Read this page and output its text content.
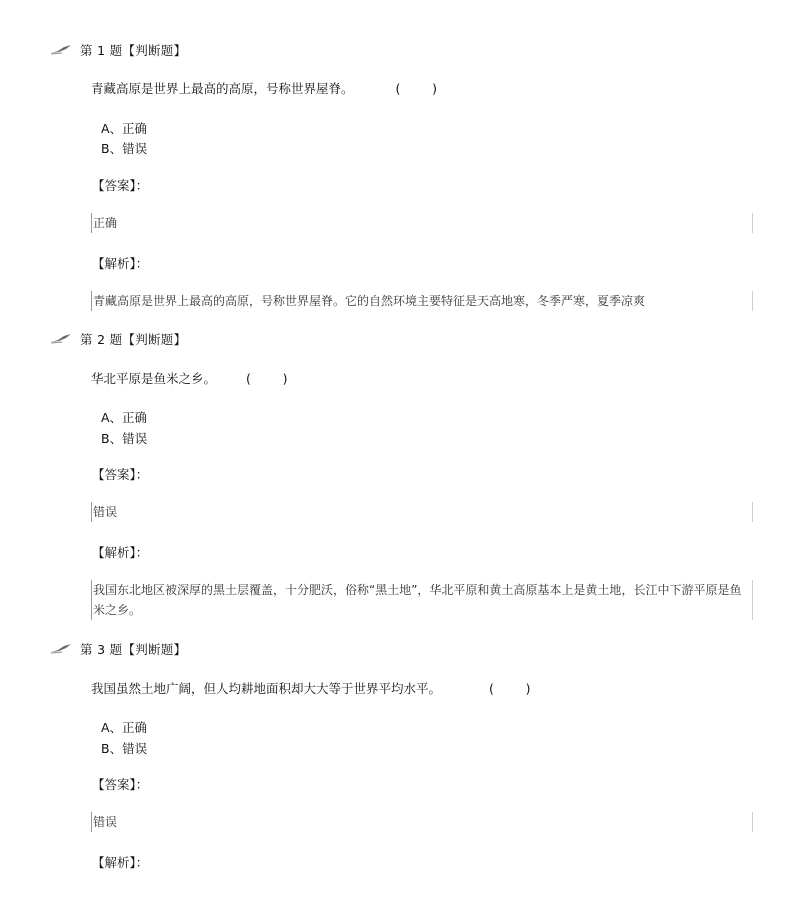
第 1 题【判断题】
青藏高原是世界上最高的高原，号称世界屋脊。	(        )
A、正确
B、错误
【答案】：
正确
【解析】：
青藏高原是世界上最高的高原，号称世界屋脊。它的自然环境主要特征是天高地寒，冬季严寒，夏季凉爽
第 2 题【判断题】
华北平原是鱼米之乡。 (        )
A、正确
B、错误
【答案】：
错误
【解析】：
我国东北地区被深厚的黑土层覆盖，十分肥沃，俗称“黑土地”，华北平原和黄土高原基本上是黄土地，长江中下游平原是鱼米之乡。
第 3 题【判断题】
我国虽然土地广阔，但人均耕地面积却大大等于世界平均水平。	(        )
A、正确
B、错误
【答案】：
错误
【解析】：
